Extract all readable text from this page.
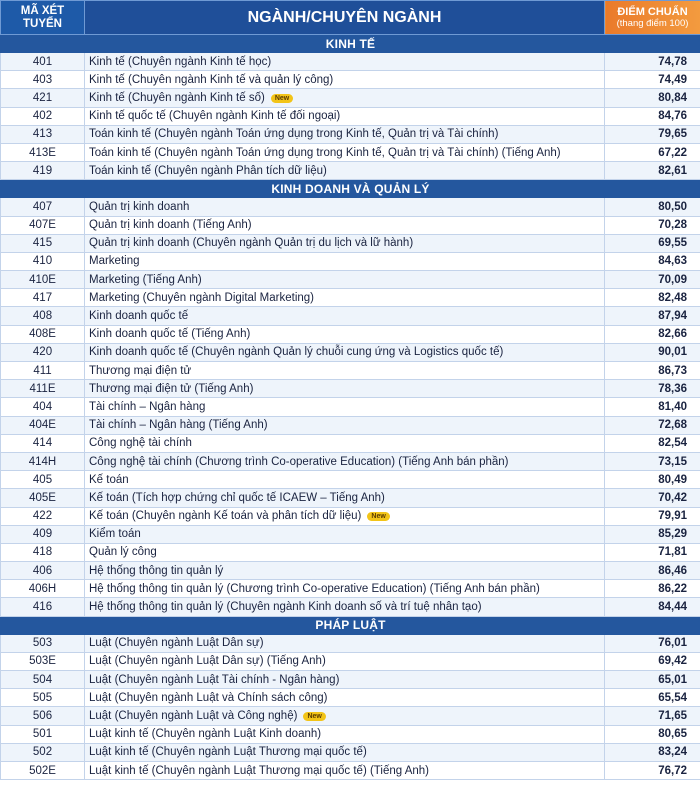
MÃ XÉT
TUYỂN	NGÀNH/CHUYÊN NGÀNH	ĐIỂM CHUẨN
(thang điểm 100)

KINH TẾ		
401	Kinh tế (Chuyên ngành Kinh tế học)	74,78
403	Kinh tế (Chuyên ngành Kinh tế và quản lý công)	74,49
421	Kinh tế (Chuyên ngành Kinh tế số) New	80,84
402	Kinh tế quốc tế (Chuyên ngành Kinh tế đối ngoại)	84,76
413	Toán kinh tế (Chuyên ngành Toán ứng dụng trong Kinh tế, Quản trị và Tài chính)	79,65
413E	Toán kinh tế (Chuyên ngành Toán ứng dụng trong Kinh tế, Quản trị và Tài chính) (Tiếng Anh)	67,22
419	Toán kinh tế (Chuyên ngành Phân tích dữ liệu)	82,61
KINH DOANH VÀ QUẢN LÝ		
407	Quản trị kinh doanh	80,50
407E	Quản trị kinh doanh (Tiếng Anh)	70,28
415	Quản trị kinh doanh (Chuyên ngành Quản trị du lịch và lữ hành)	69,55
410	Marketing	84,63
410E	Marketing (Tiếng Anh)	70,09
417	Marketing (Chuyên ngành Digital Marketing)	82,48
408	Kinh doanh quốc tế	87,94
408E	Kinh doanh quốc tế (Tiếng Anh)	82,66
420	Kinh doanh quốc tế (Chuyên ngành Quản lý chuỗi cung ứng và Logistics quốc tế)	90,01
411	Thương mại điện tử	86,73
411E	Thương mại điện tử (Tiếng Anh)	78,36
404	Tài chính – Ngân hàng	81,40
404E	Tài chính – Ngân hàng (Tiếng Anh)	72,68
414	Công nghệ tài chính	82,54
414H	Công nghệ tài chính (Chương trình Co-operative Education) (Tiếng Anh bán phần)	73,15
405	Kế toán	80,49
405E	Kế toán (Tích hợp chứng chỉ quốc tế ICAEW – Tiếng Anh)	70,42
422	Kế toán (Chuyên ngành Kế toán và phân tích dữ liệu) New	79,91
409	Kiểm toán	85,29
418	Quản lý công	71,81
406	Hệ thống thông tin quản lý	86,46
406H	Hệ thống thông tin quản lý (Chương trình Co-operative Education) (Tiếng Anh bán phần)	86,22
416	Hệ thống thông tin quản lý (Chuyên ngành Kinh doanh số và trí tuệ nhân tạo)	84,44
PHÁP LUẬT		
503	Luật (Chuyên ngành Luật Dân sự)	76,01
503E	Luật (Chuyên ngành Luật Dân sự) (Tiếng Anh)	69,42
504	Luật (Chuyên ngành Luật Tài chính - Ngân hàng)	65,01
505	Luật (Chuyên ngành Luật và Chính sách công)	65,54
506	Luật (Chuyên ngành Luật và Công nghệ) New	71,65
501	Luật kinh tế (Chuyên ngành Luật Kinh doanh)	80,65
502	Luật kinh tế (Chuyên ngành Luật Thương mại quốc tế)	83,24
502E	Luật kinh tế (Chuyên ngành Luật Thương mại quốc tế) (Tiếng Anh)	76,72
